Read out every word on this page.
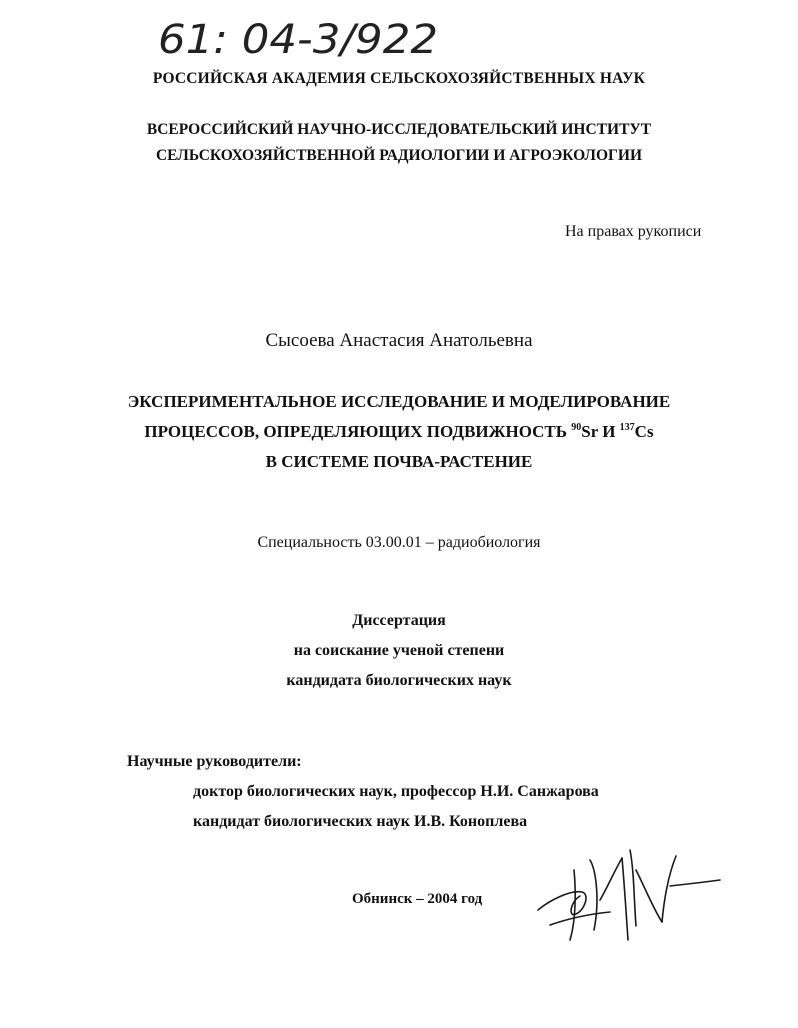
61: 04-3/922
РОССИЙСКАЯ АКАДЕМИЯ СЕЛЬСКОХОЗЯЙСТВЕННЫХ НАУК
ВСЕРОССИЙСКИЙ НАУЧНО-ИССЛЕДОВАТЕЛЬСКИЙ ИНСТИТУТ
СЕЛЬСКОХОЗЯЙСТВЕННОЙ РАДИОЛОГИИ И АГРОЭКОЛОГИИ
На правах рукописи
Сысоева Анастасия Анатольевна
ЭКСПЕРИМЕНТАЛЬНОЕ ИССЛЕДОВАНИЕ И МОДЕЛИРОВАНИЕ
ПРОЦЕССОВ, ОПРЕДЕЛЯЮЩИХ ПОДВИЖНОСТЬ $^{90}$Sr И $^{137}$Cs
В СИСТЕМЕ ПОЧВА-РАСТЕНИЕ
Специальность 03.00.01 – радиобиология
Диссертация
на соискание ученой степени
кандидата биологических наук
Научные руководители:
доктор биологических наук, профессор Н.И. Санжарова
кандидат биологических наук И.В. Коноплева
Обнинск – 2004 год
